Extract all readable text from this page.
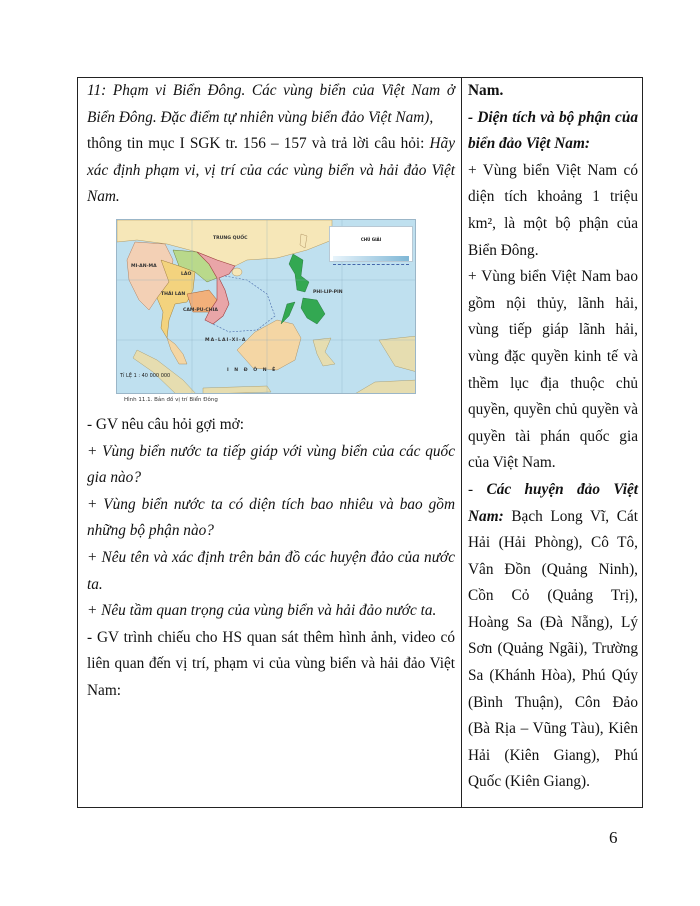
11: Phạm vi Biển Đông. Các vùng biển của Việt Nam ở Biển Đông. Đặc điểm tự nhiên vùng biển đảo Việt Nam),

thông tin mục I SGK tr. 156 – 157 và trả lời câu hỏi: Hãy xác định phạm vi, vị trí của các vùng biển và hải đảo Việt Nam.

CHÚ GIẢI
TRUNG QUỐC
MI-AN-MA
LÀO
THÁI LAN
CAM-PU-CHIA
MA-LAI-XI-A
I N Đ Ô N Ê
PHI-LIP-PIN
Tỉ LỆ 1 : 40 000 000
Hình 11.1. Bản đồ vị trí Biển Đông

- GV nêu câu hỏi gợi mở:

+ Vùng biển nước ta tiếp giáp với vùng biển của các quốc gia nào?

+ Vùng biển nước ta có diện tích bao nhiêu và bao gồm những bộ phận nào?

+ Nêu tên và xác định trên bản đồ các huyện đảo của nước ta.

+ Nêu tầm quan trọng của vùng biển và hải đảo nước ta.

- GV trình chiếu cho HS quan sát thêm hình ảnh, video có liên quan đến vị trí, phạm vi của vùng biển và hải đảo Việt Nam:

Nam.

- Diện tích và bộ phận của biển đảo Việt Nam:

+ Vùng biển Việt Nam có diện tích khoảng 1 triệu km², là một bộ phận của Biển Đông.

+ Vùng biển Việt Nam bao gồm nội thủy, lãnh hải, vùng tiếp giáp lãnh hải, vùng đặc quyền kinh tế và thềm lục địa thuộc chủ quyền, quyền chủ quyền và quyền tài phán quốc gia của Việt Nam.

- Các huyện đảo Việt Nam: Bạch Long Vĩ, Cát Hải (Hải Phòng), Cô Tô, Vân Đồn (Quảng Ninh), Cồn Cỏ (Quảng Trị), Hoàng Sa (Đà Nẵng), Lý Sơn (Quảng Ngãi), Trường Sa (Khánh Hòa), Phú Qúy (Bình Thuận), Côn Đảo (Bà Rịa – Vũng Tàu), Kiên Hải (Kiên Giang), Phú Quốc (Kiên Giang).

6
